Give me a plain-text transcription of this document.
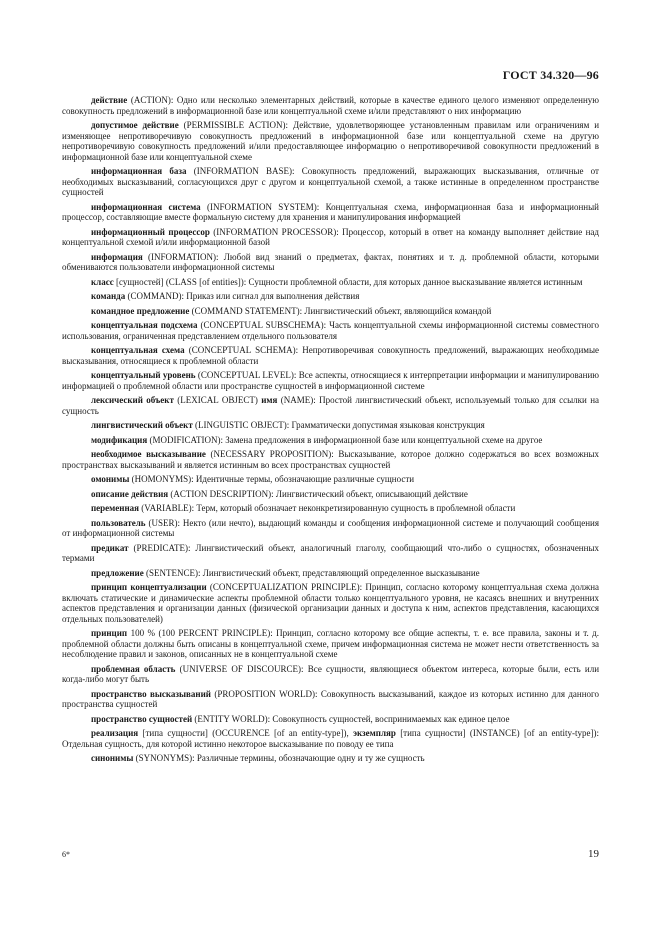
ГОСТ 34.320—96

действие (ACTION): Одно или несколько элементарных действий, которые в качестве единого целого изменяют определенную совокупность предложений в информационной базе или концептуальной схеме и/или представляют о них информацию

допустимое действие (PERMISSIBLE ACTION): Действие, удовлетворяющее установленным правилам или ограничениям и изменяющее непротиворечивую совокупность предложений в информационной базе или концептуальной схеме на другую непротиворечивую совокупность предложений и/или предоставляющее информацию о непротиворечивой совокупности предложений в информационной базе или концептуальной схеме

информационная база (INFORMATION BASE): Совокупность предложений, выражающих высказывания, отличные от необходимых высказываний, согласующихся друг с другом и концептуальной схемой, а также истинные в определенном пространстве сущностей

информационная система (INFORMATION SYSTEM): Концептуальная схема, информационная база и информационный процессор, составляющие вместе формальную систему для хранения и манипулирования информацией

информационный процессор (INFORMATION PROCESSOR): Процессор, который в ответ на команду выполняет действие над концептуальной схемой и/или информационной базой

информация (INFORMATION): Любой вид знаний о предметах, фактах, понятиях и т. д. проблемной области, которыми обмениваются пользователи информационной системы

класс [сущностей] (CLASS [of entities]): Сущности проблемной области, для которых данное высказывание является истинным

команда (COMMAND): Приказ или сигнал для выполнения действия

командное предложение (COMMAND STATEMENT): Лингвистический объект, являющийся командой

концептуальная подсхема (CONCEPTUAL SUBSCHEMA): Часть концептуальной схемы информационной системы совместного использования, ограниченная представлением отдельного пользователя

концептуальная схема (CONCEPTUAL SCHEMA): Непротиворечивая совокупность предложений, выражающих необходимые высказывания, относящиеся к проблемной области

концептуальный уровень (CONCEPTUAL LEVEL): Все аспекты, относящиеся к интерпретации информации и манипулированию информацией о проблемной области или пространстве сущностей в информационной системе

лексический объект (LEXICAL OBJECT) имя (NAME): Простой лингвистический объект, используемый только для ссылки на сущность

лингвистический объект (LINGUISTIC OBJECT): Грамматически допустимая языковая конструкция

модификация (MODIFICATION): Замена предложения в информационной базе или концептуальной схеме на другое

необходимое высказывание (NECESSARY PROPOSITION): Высказывание, которое должно содержаться во всех возможных пространствах высказываний и является истинным во всех пространствах сущностей

омонимы (HOMONYMS): Идентичные термы, обозначающие различные сущности

описание действия (ACTION DESCRIPTION): Лингвистический объект, описывающий действие

переменная (VARIABLE): Терм, который обозначает неконкретизированную сущность в проблемной области

пользователь (USER): Некто (или нечто), выдающий команды и сообщения информационной системе и получающий сообщения от информационной системы

предикат (PREDICATE): Лингвистический объект, аналогичный глаголу, сообщающий что-либо о сущностях, обозначенных термами

предложение (SENTENCE): Лингвистический объект, представляющий определенное высказывание

принцип концептуализации (CONCEPTUALIZATION PRINCIPLE): Принцип, согласно которому концептуальная схема должна включать статические и динамические аспекты проблемной области только концептуального уровня, не касаясь внешних и внутренних аспектов представления и организации данных (физической организации данных и доступа к ним, аспектов представления, касающихся отдельных пользователей)

принцип 100 % (100 PERCENT PRINCIPLE): Принцип, согласно которому все общие аспекты, т. е. все правила, законы и т. д. проблемной области должны быть описаны в концептуальной схеме, причем информационная система не может нести ответственность за несоблюдение правил и законов, описанных не в концептуальной схеме

проблемная область (UNIVERSE OF DISCOURCE): Все сущности, являющиеся объектом интереса, которые были, есть или когда-либо могут быть

пространство высказываний (PROPOSITION WORLD): Совокупность высказываний, каждое из которых истинно для данного пространства сущностей

пространство сущностей (ENTITY WORLD): Совокупность сущностей, воспринимаемых как единое целое

реализация [типа сущности] (OCCURENCE [of an entity-type]), экземпляр [типа сущности] (INSTANCE) [of an entity-type]): Отдельная сущность, для которой истинно некоторое высказывание по поводу ее типа

синонимы (SYNONYMS): Различные термины, обозначающие одну и ту же сущность

6*	19
